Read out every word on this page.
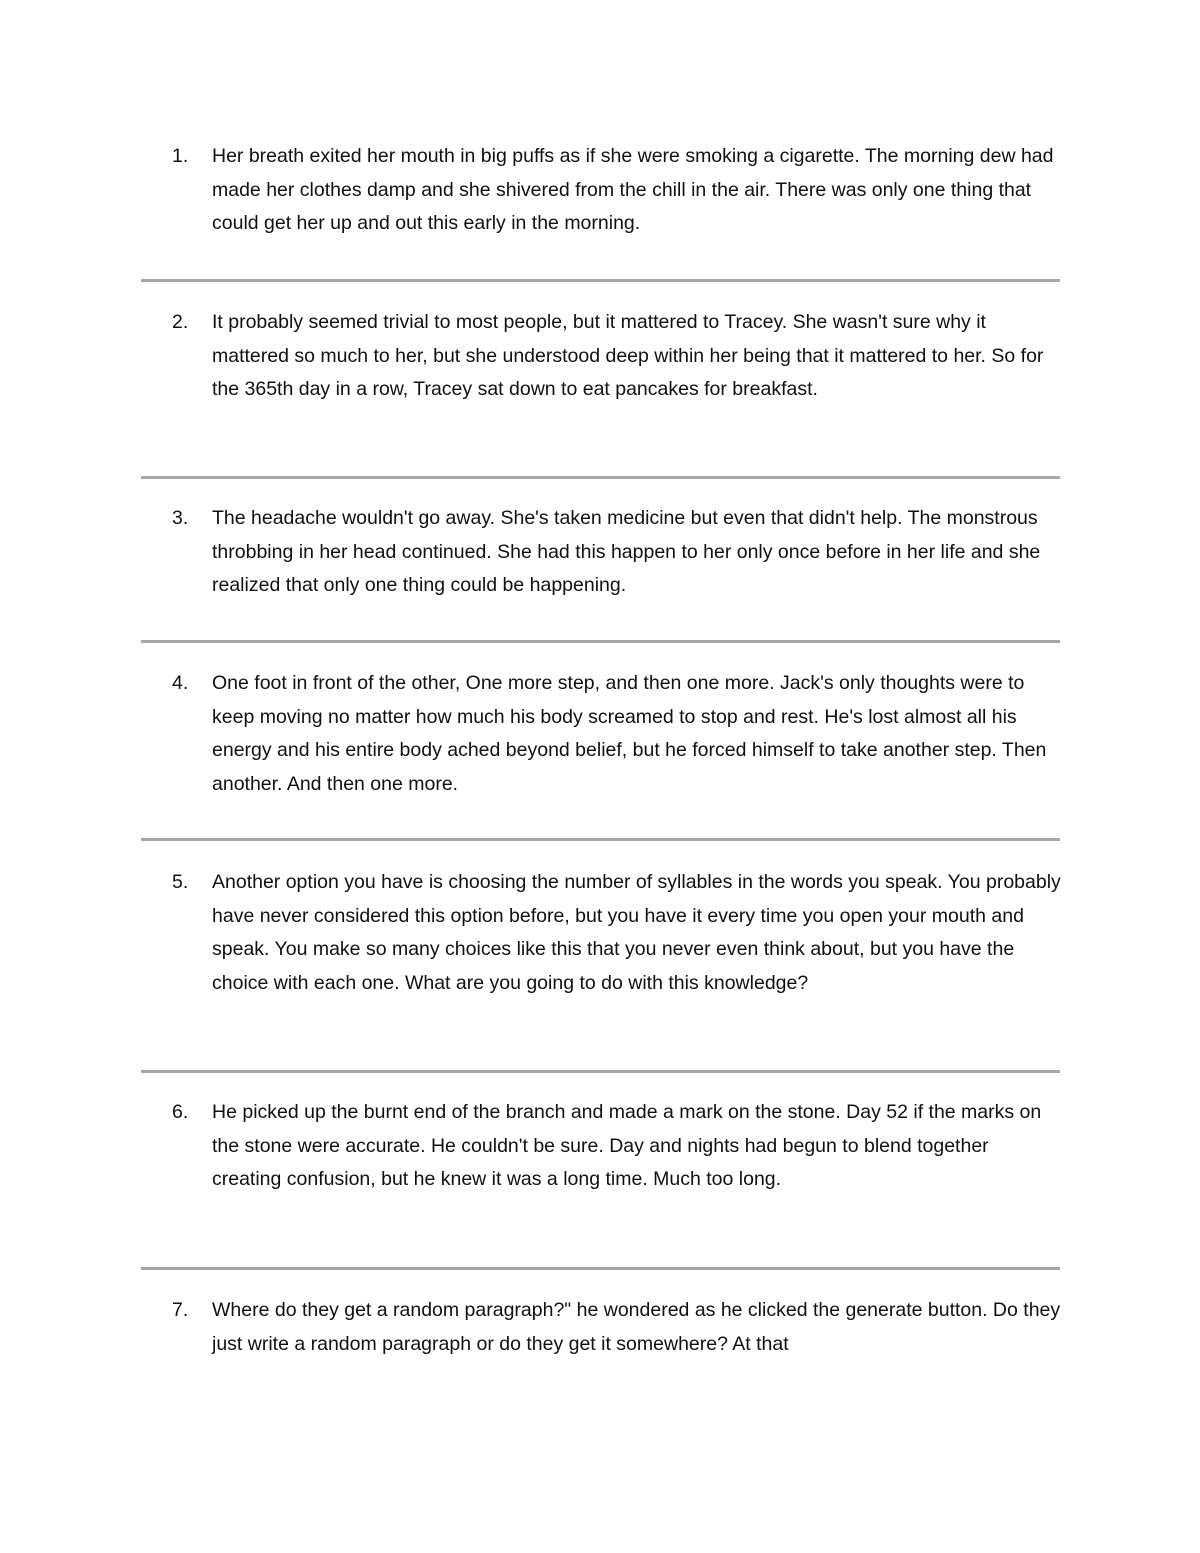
1.	Her breath exited her mouth in big puffs as if she were smoking a cigarette. The morning dew had made her clothes damp and she shivered from the chill in the air. There was only one thing that could get her up and out this early in the morning.

2.	It probably seemed trivial to most people, but it mattered to Tracey. She wasn't sure why it mattered so much to her, but she understood deep within her being that it mattered to her. So for the 365th day in a row, Tracey sat down to eat pancakes for breakfast.

3.	The headache wouldn't go away. She's taken medicine but even that didn't help. The monstrous throbbing in her head continued. She had this happen to her only once before in her life and she realized that only one thing could be happening.

4.	One foot in front of the other, One more step, and then one more. Jack's only thoughts were to keep moving no matter how much his body screamed to stop and rest. He's lost almost all his energy and his entire body ached beyond belief, but he forced himself to take another step. Then another. And then one more.

5.	Another option you have is choosing the number of syllables in the words you speak. You probably have never considered this option before, but you have it every time you open your mouth and speak. You make so many choices like this that you never even think about, but you have the choice with each one. What are you going to do with this knowledge?

6.	He picked up the burnt end of the branch and made a mark on the stone. Day 52 if the marks on the stone were accurate. He couldn't be sure. Day and nights had begun to blend together creating confusion, but he knew it was a long time. Much too long.

7.	Where do they get a random paragraph?" he wondered as he clicked the generate button. Do they just write a random paragraph or do they get it somewhere? At that
